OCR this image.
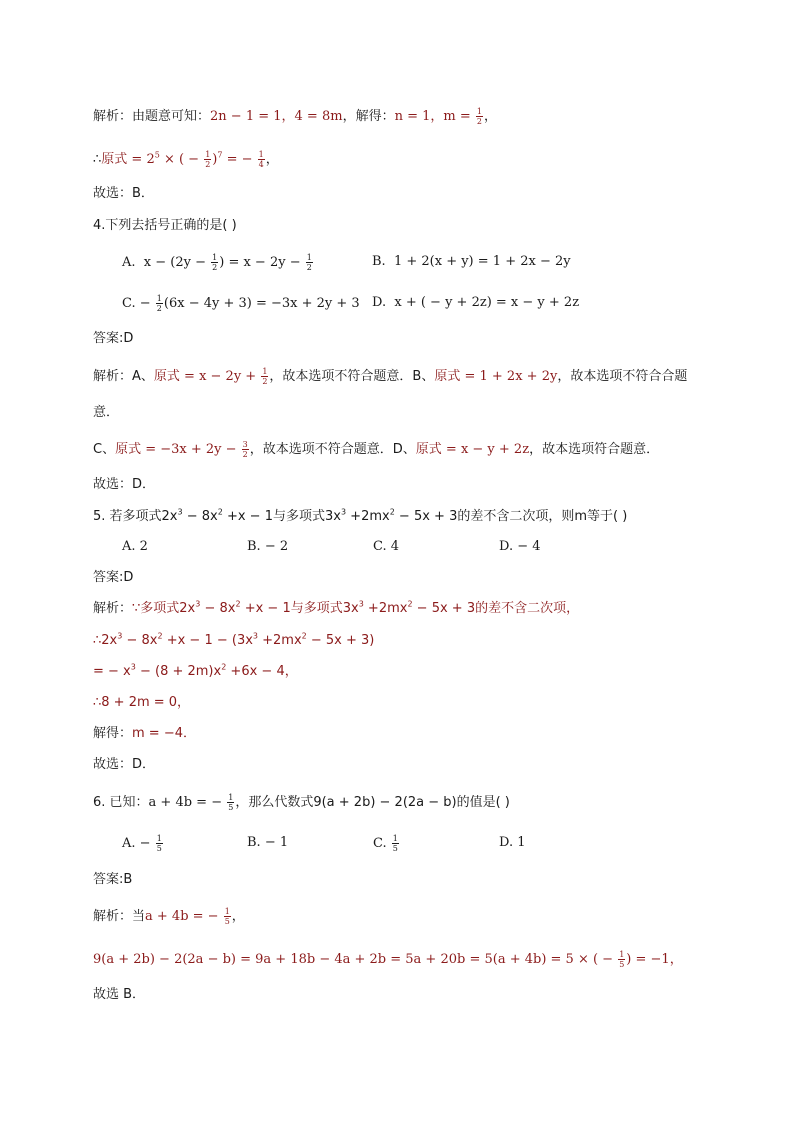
解析：由题意可知：2n − 1 = 1，4 = 8m，解得：n = 1，$m = \frac{1}{2}$ ，
∴原式 = $2^5$ × ( − $\frac{1}{2} )^7$ = − $\frac{1}{4}$ ，
故选：B．
4.下列去括号正确的是( )
A. $x - (2y - \frac{1}{2}$ ) = $x - 2y - \frac{1}{2}$	B. 1 + 2(x + y) = 1 + 2x − 2y
C. − $\frac{1}{2} (6x - 4y + 3) = -3x + 2y + 3$ D. x + ( − y + 2z) = x − y + 2z
答案:D
解析：A、原式 = $x - 2y + \frac{1}{2}$ ，故本选项不符合题意．B、原式 = 1 + 2x + 2y，故本选项不符合合题
意．
C、原式 = $-3x + 2y - \frac{3}{2}$ ，故本选项不符合题意．D、原式 = x − y + 2z，故本选项符合题意．
故选：D．
5. 若多项式$2x^3 - 8x^2 +x - 1$与多项式$3x^3 +2mx^2 - 5x + 3$的差不含二次项，则m等于( )
A. 2	B. − 2	C. 4	D. − 4
答案:D
解析：∵多项式$2x^3 - 8x^2 +x - 1$与多项式$3x^3 +2mx^2 - 5x + 3$的差不含二次项，
$\therefore 2x^3 - 8x^2 +x - 1 - (3x^3 +2mx^2 - 5x + 3)$
= − $x^3 - (8 + 2m)x^2 +6x - 4$，
∴8 + 2m = 0，
解得：m = −4．
故选：D．
6. 已知：a + 4b = − $\frac{1}{5}$ ，那么代数式9(a + 2b) − 2(2a − b)的值是( )
A. − $\frac{1}{5}$	B. − 1	C. $\frac{1}{5}$	D. 1
答案:B
解析：当a + 4b = − $\frac{1}{5}$ ，
9(a + 2b) − 2(2a − b) = 9a + 18b − 4a + 2b = 5a + 20b = 5(a + 4b) = 5 × ( − $\frac{1}{5}$ ) = −1，
故选 B．
